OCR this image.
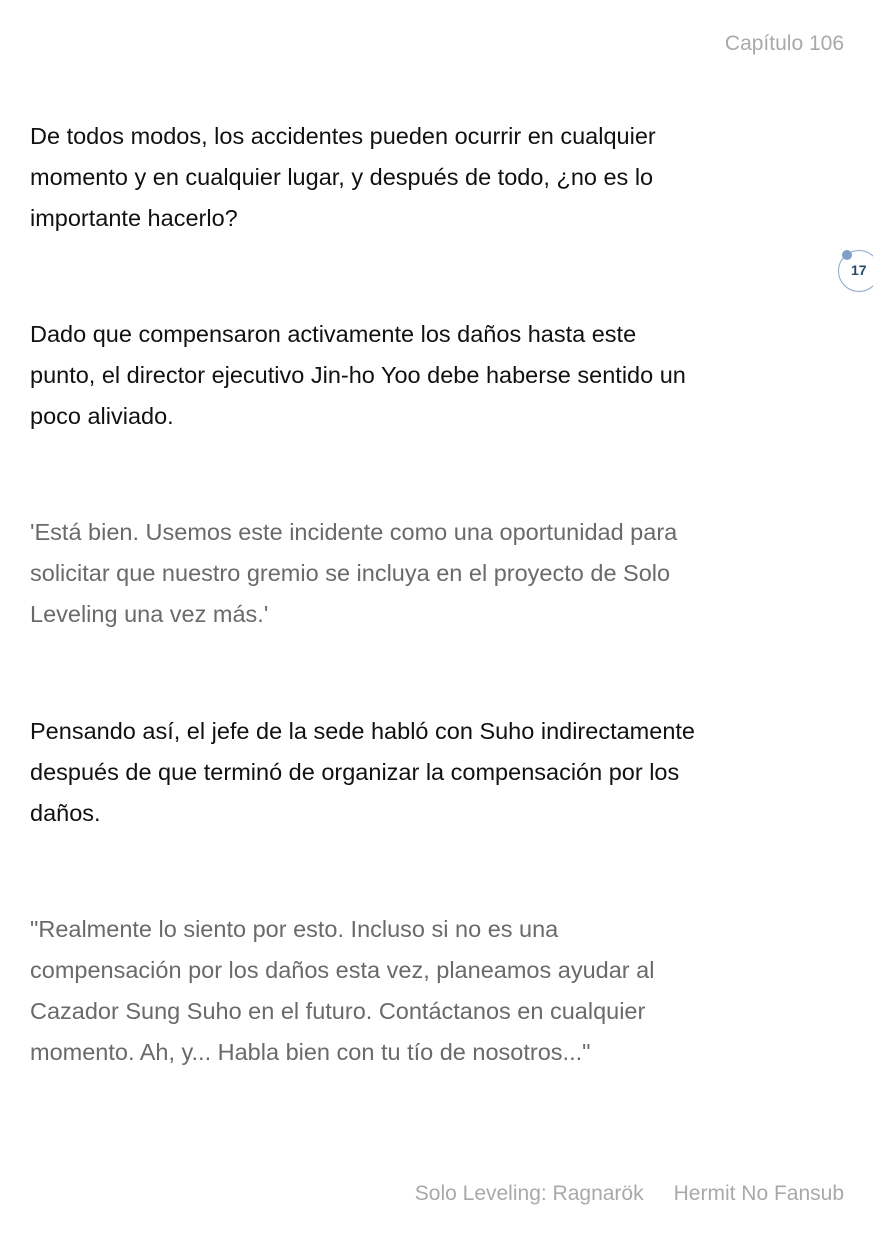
Capítulo 106
De todos modos, los accidentes pueden ocurrir en cualquier
momento y en cualquier lugar, y después de todo, ¿no es lo
importante hacerlo?
17
Dado que compensaron activamente los daños hasta este
punto, el director ejecutivo Jin-ho Yoo debe haberse sentido un
poco aliviado.
'Está bien. Usemos este incidente como una oportunidad para
solicitar que nuestro gremio se incluya en el proyecto de Solo
Leveling una vez más.'
Pensando así, el jefe de la sede habló con Suho indirectamente
después de que terminó de organizar la compensación por los
daños.
"Realmente lo siento por esto. Incluso si no es una
compensación por los daños esta vez, planeamos ayudar al
Cazador Sung Suho en el futuro. Contáctanos en cualquier
momento. Ah, y... Habla bien con tu tío de nosotros..."
Solo Leveling: Ragnarök Hermit No Fansub
